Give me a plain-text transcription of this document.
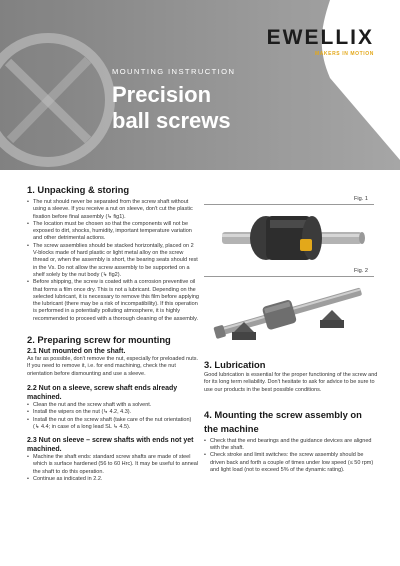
EWELLIX
MAKERS IN MOTION
MOUNTING INSTRUCTION
Precision
ball screws
1. Unpacking & storing
• The nut should never be separated from the screw shaft without using a sleeve. If you receive a nut on sleeve, don't cut the plastic fixation before final assembly (↳ fig1).
• The location must be chosen so that the components will not be exposed to dirt, shocks, humidity, important temperature variation and other detrimental actions.
• The screw assemblies should be stacked horizontally, placed on 2 V-blocks made of hard plastic or light metal alloy on the screw thread or, when the assembly is short, the bearing seats should rest in the Vs. Do not allow the screw assembly to be supported on a shelf solely by the nut body (↳ fig2).
• Before shipping, the screw is coated with a corrosion preventive oil that forms a film once dry. This is not a lubricant. Depending on the selected lubricant, it is necessary to remove this film before applying the lubricant (there may be a risk of incompatibility). If this operation is performed in a potentially polluting atmosphere, it is highly recommended to proceed with a thorough cleaning of the assembly.
2. Preparing screw for mounting
2.1 Nut mounted on the shaft.

As far as possible, don't remove the nut, especially for preloaded nuts. If you need to remove it, i.e. for end machining, check the nut orientation before dismounting and use a sleeve.

2.2 Nut on a sleeve, screw shaft ends already machined.
• Clean the nut and the screw shaft with a solvent.
• Install the wipers on the nut (↳ 4.2, 4.3).
• Install the nut on the screw shaft (take care of the nut orientation) (↳ 4.4; in case of a long lead SL ↳ 4.5).
2.3 Nut on sleeve – screw shafts with ends not yet machined.
• Machine the shaft ends: standard screw shafts are made of steel which is surface hardened (56 to 60 Hrc). It may be useful to anneal the shaft to do this operation.
• Continue as indicated in 2.2.
Fig. 1
Fig. 2
3. Lubrication

Good lubrication is essential for the proper functioning of the screw and for its long term reliability. Don't hesitate to ask for advice to be sure to use our products in the best possible conditions.

4. Mounting the screw assembly on the machine
• Check that the end bearings and the guidance devices are aligned with the shaft.
• Check stroke and limit switches: the screw assembly should be driven back and forth a couple of times under low speed (≤ 50 rpm) and light load (not to exceed 5% of the dynamic rating).
